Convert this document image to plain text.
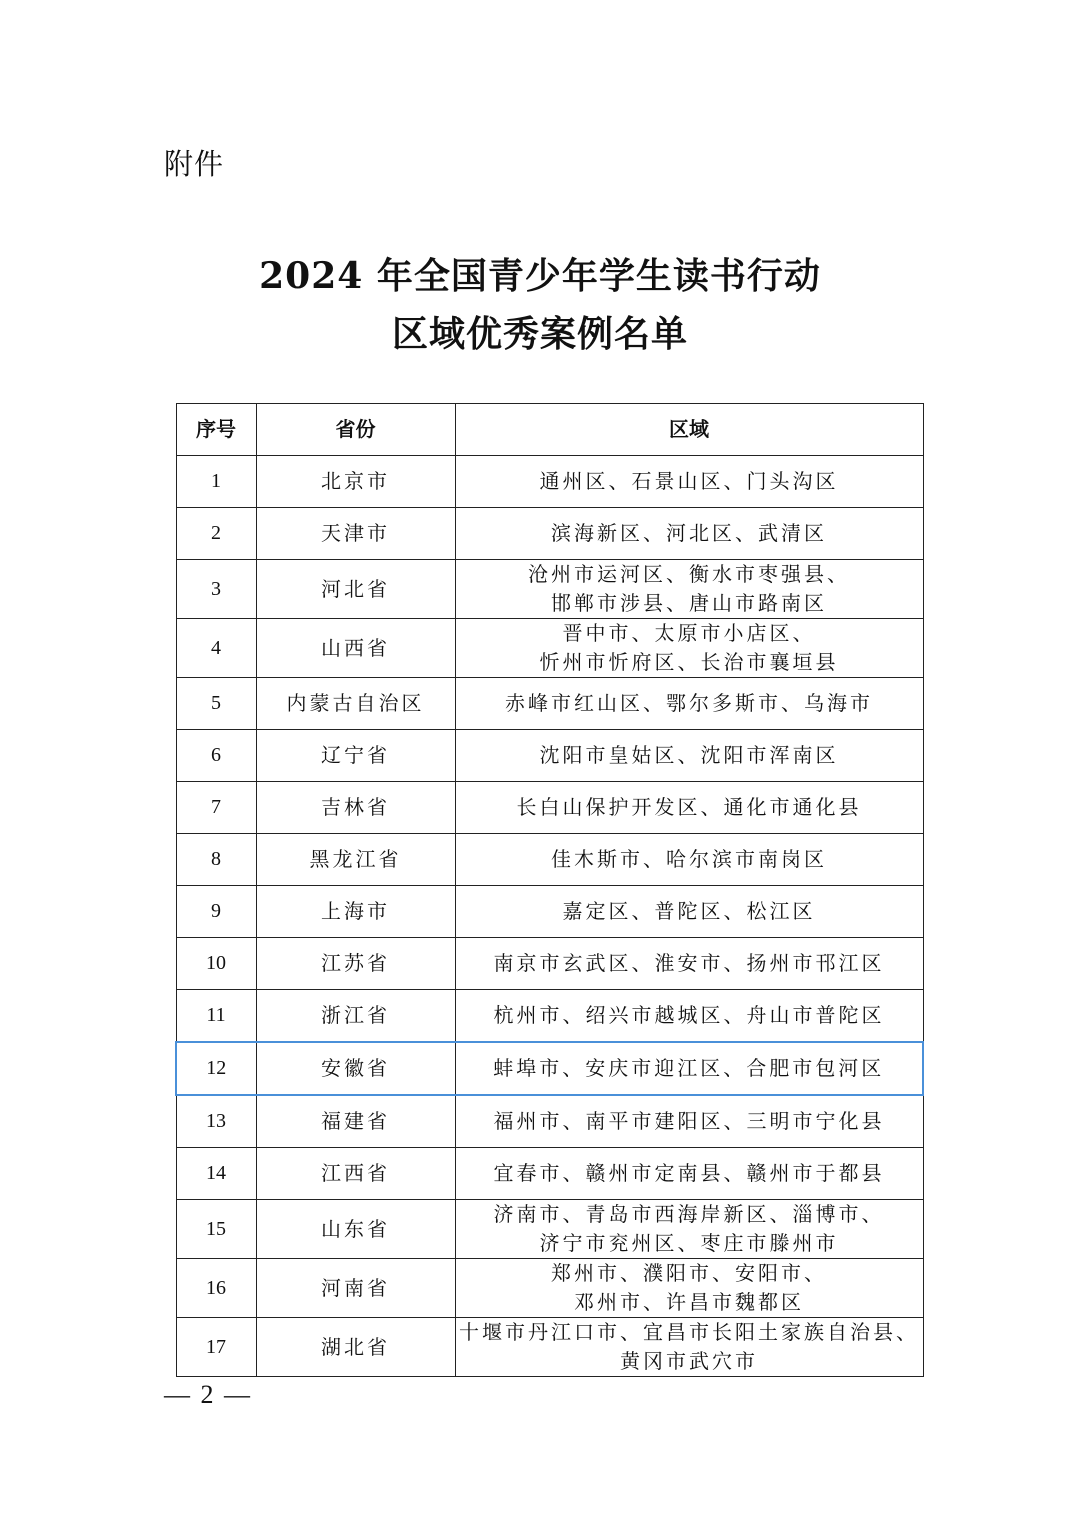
附件
2024 年全国青少年学生读书行动
区域优秀案例名单
序号	省份	区域
1	北京市	通州区、石景山区、门头沟区

2	天津市	滨海新区、河北区、武清区

3	河北省	沧州市运河区、衡水市枣强县、
邯郸市涉县、唐山市路南区

4	山西省	晋中市、太原市小店区、
忻州市忻府区、长治市襄垣县

5	内蒙古自治区	赤峰市红山区、鄂尔多斯市、乌海市

6	辽宁省	沈阳市皇姑区、沈阳市浑南区

7	吉林省	长白山保护开发区、通化市通化县

8	黑龙江省	佳木斯市、哈尔滨市南岗区

9	上海市	嘉定区、普陀区、松江区

10	江苏省	南京市玄武区、淮安市、扬州市邗江区

11	浙江省	杭州市、绍兴市越城区、舟山市普陀区

12	安徽省	蚌埠市、安庆市迎江区、合肥市包河区

13	福建省	福州市、南平市建阳区、三明市宁化县

14	江西省	宜春市、赣州市定南县、赣州市于都县

15	山东省	济南市、青岛市西海岸新区、淄博市、
济宁市兖州区、枣庄市滕州市

16	河南省	郑州市、濮阳市、安阳市、
邓州市、许昌市魏都区

17	湖北省	十堰市丹江口市、宜昌市长阳土家族自治县、
黄冈市武穴市
— 2 —
